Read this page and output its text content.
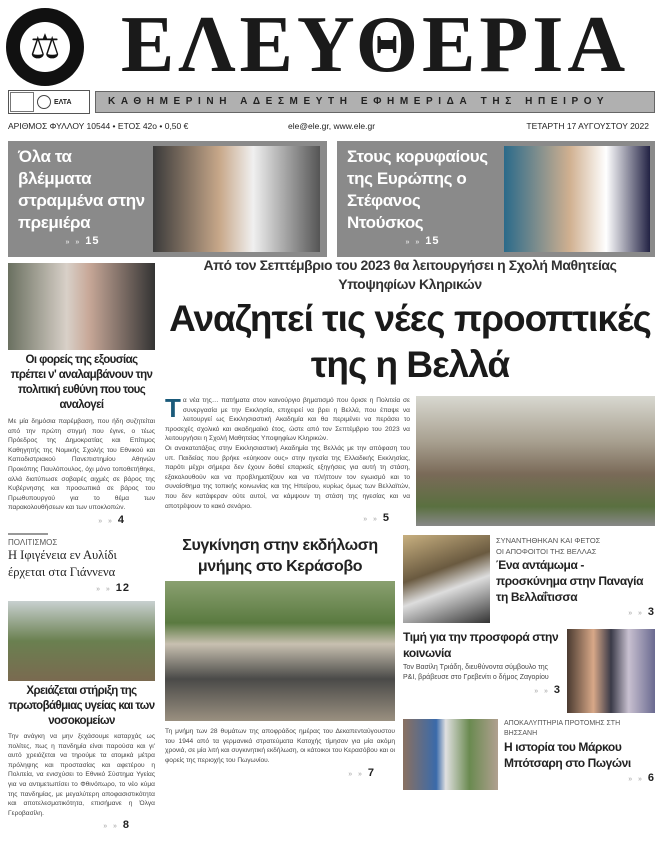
⚖ ΕΛΕΥΘΕΡΙΑ
ΕΛΤΑ	ΚΑΘΗΜΕΡΙΝΗ ΑΔΕΣΜΕΥΤΗ ΕΦΗΜΕΡΙΔΑ ΤΗΣ ΗΠΕΙΡΟΥ
ΑΡΙΘΜΟΣ ΦΥΛΛΟΥ 10544 • ΕΤΟΣ 42ο • 0,50 €	ele@ele.gr, www.ele.gr	ΤΕΤΑΡΤΗ 17 ΑΥΓΟΥΣΤΟΥ 2022
Όλα τα βλέμματα στραμμένα στην πρεμιέρα
» » 15
Στους κορυφαίους της Ευρώπης ο Στέφανος Ντούσκος
» » 15
Οι φορείς της εξουσίας πρέπει ν' αναλαμβάνουν την πολιτική ευθύνη που τους αναλογεί
Με μία δημόσια παρέμβαση, που ήδη συζητείται από την πρώτη στιγμή που έγινε, ο τέως Πρόεδρος της Δημοκρατίας και Επίτιμος Καθηγητής της Νομικής Σχολής του Εθνικού και Καποδιστριακού Πανεπιστημίου Αθηνών Προκόπης Παυλόπουλος, όχι μόνο τοποθετήθηκε, αλλά διατύπωσε σοβαρές αιχμές σε βάρος της Κυβέρνησης και προσωπικά σε βάρος του Πρωθυπουργού για το θέμα των παρακολουθήσεων και των υποκλοπών.
» » 4
ΠΟΛΙΤΙΣΜΟΣ
Η Ιφιγένεια εν Αυλίδι έρχεται στα Γιάννενα
» » 12
Χρειάζεται στήριξη της πρωτοβάθμιας υγείας και των νοσοκομείων
Την ανάγκη να μην ξεχάσουμε καταρχάς ως πολίτες, πως η πανδημία είναι παρούσα και γι' αυτό χρειάζεται να τηρούμε τα ατομικά μέτρα πρόληψης και προστασίας και αφετέρου η Πολιτεία, να ενισχύσει το Εθνικό Σύστημα Υγείας για να αντιμετωπίσει το Φθινόπωρο, το νέο κύμα της πανδημίας, με μεγαλύτερη αποφασιστικότητα και αποτελεσματικότητα, επισήμανε η Όλγα Γεροβασίλη.
» » 8
Από τον Σεπτέμβριο του 2023 θα λειτουργήσει η Σχολή Μαθητείας Υποψηφίων Κληρικών
Αναζητεί τις νέες προοπτικές της η Βελλά
Τα νέα της… πατήματα στον καινούργιο βηματισμό που όρισε η Πολιτεία σε συνεργασία με την Εκκλησία, επιχειρεί να βρει η Βελλά, που έπαψε να λειτουργεί ως Εκκλησιαστική Ακαδημία και θα περιμένει να περάσει το προσεχές σχολικό και ακαδημαϊκό έτος, ώστε από τον Σεπτέμβριο του 2023 να λειτουργήσει η Σχολή Μαθητείας Υποψηφίων Κληρικών.
Οι ανακατατάξεις στην Εκκλησιαστική Ακαδημία της Βελλάς με την απόφαση του υπ. Παιδείας που βρήκε «εύηκοον ους» στην ηγεσία της Ελλαδικής Εκκλησίας, παρότι μέχρι σήμερα δεν έχουν δοθεί επαρκείς εξηγήσεις για αυτή τη στάση, εξακολουθούν και να προβληματίζουν και να πλήττουν τον εγωισμό και το συναίσθημα της τοπικής κοινωνίας και της Ηπείρου, κυρίως όμως των Βελλαϊτών, που δεν κατάφεραν ούτε αυτοί, να κάμψουν τη στάση της ηγεσίας και να αποτρέψουν το κακό σενάριο.
» » 5
Συγκίνηση στην εκδήλωση μνήμης στο Κεράσοβο
Τη μνήμη των 28 θυμάτων της αποφράδος ημέρας του Δεκαπενταύγουστου του 1944 από τα γερμανικά στρατεύματα Κατοχής τίμησαν για μία ακόμη χρονιά, σε μία λιτή και συγκινητική εκδήλωση, οι κάτοικοι του Κερασόβου και οι φορείς της περιοχής του Πωγωνίου.
» » 7
ΣΥΝΑΝΤΗΘΗΚΑΝ ΚΑΙ ΦΕΤΟΣ
ΟΙ ΑΠΟΦΟΙΤΟΙ ΤΗΣ ΒΕΛΛΑΣ
Ένα αντάμωμα - προσκύνημα στην Παναγία τη Βελλαΐτισσα
» » 3
Τιμή για την προσφορά στην κοινωνία
Τον Βασίλη Τριάδη, διευθύνοντα σύμβουλο της P&I, βράβευσε στο Γρεβενίτι ο δήμος Ζαγορίου
» » 3
ΑΠΟΚΑΛΥΠΤΗΡΙΑ ΠΡΟΤΟΜΗΣ ΣΤΗ ΒΗΣΣΑΝΗ
Η ιστορία του Μάρκου Μπότσαρη στο Πωγώνι
» » 6
